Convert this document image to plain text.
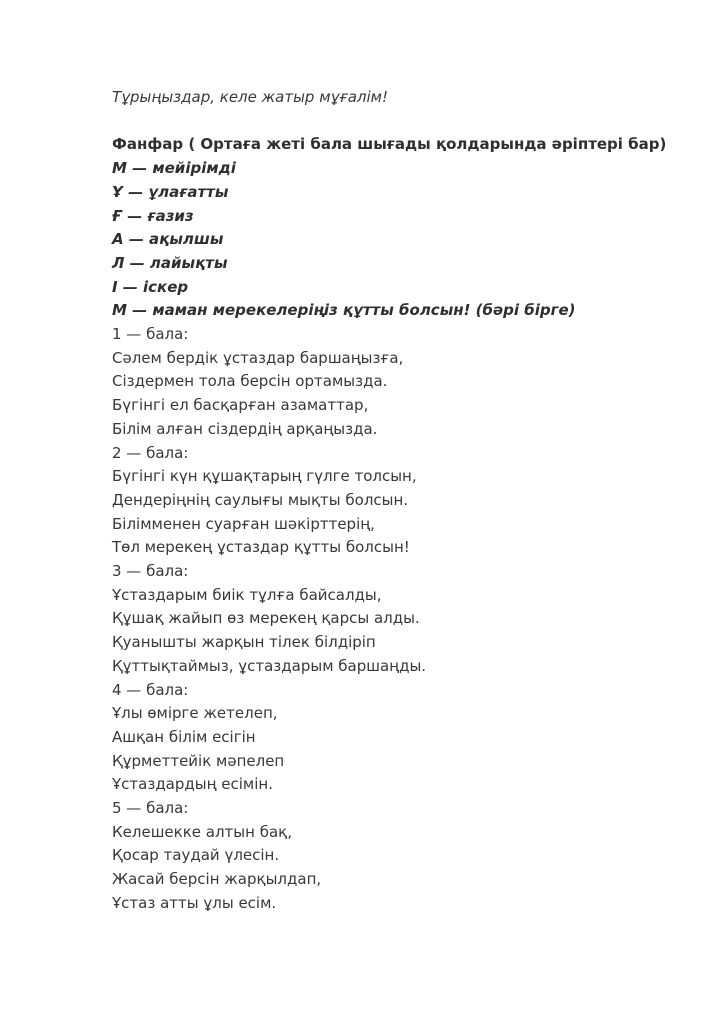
Тұрыңыздар, келе жатыр мұғалім!

Фанфар ( Ортаға жеті бала шығады қолдарында әріптері бар)

М — мейірімді

Ұ — ұлағатты

Ғ — ғазиз

А — ақылшы

Л — лайықты

І — іскер

М — маман мерекелеріңіз құтты болсын! (бәрі бірге)

1 — бала:

Сәлем бердік ұстаздар баршаңызға,

Сіздермен тола берсін ортамызда.

Бүгінгі ел басқарған азаматтар,

Білім алған сіздердің арқаңызда.

2 — бала:

Бүгінгі күн құшақтарың гүлге толсын,

Дендеріңнің саулығы мықты болсын.

Білімменен суарған шәкірттерің,

Төл мерекең ұстаздар құтты болсын!

3 — бала:

Ұстаздарым биік тұлға байсалды,

Құшақ жайып өз мерекең қарсы алды.

Қуанышты жарқын тілек білдіріп

Құттықтаймыз, ұстаздарым баршаңды.

4 — бала:

Ұлы өмірге жетелеп,

Ашқан білім есігін

Құрметтейік мәпелеп

Ұстаздардың есімін.

5 — бала:

Келешекке алтын бақ,

Қосар таудай үлесін.

Жасай берсін жарқылдап,

Ұстаз атты ұлы есім.
